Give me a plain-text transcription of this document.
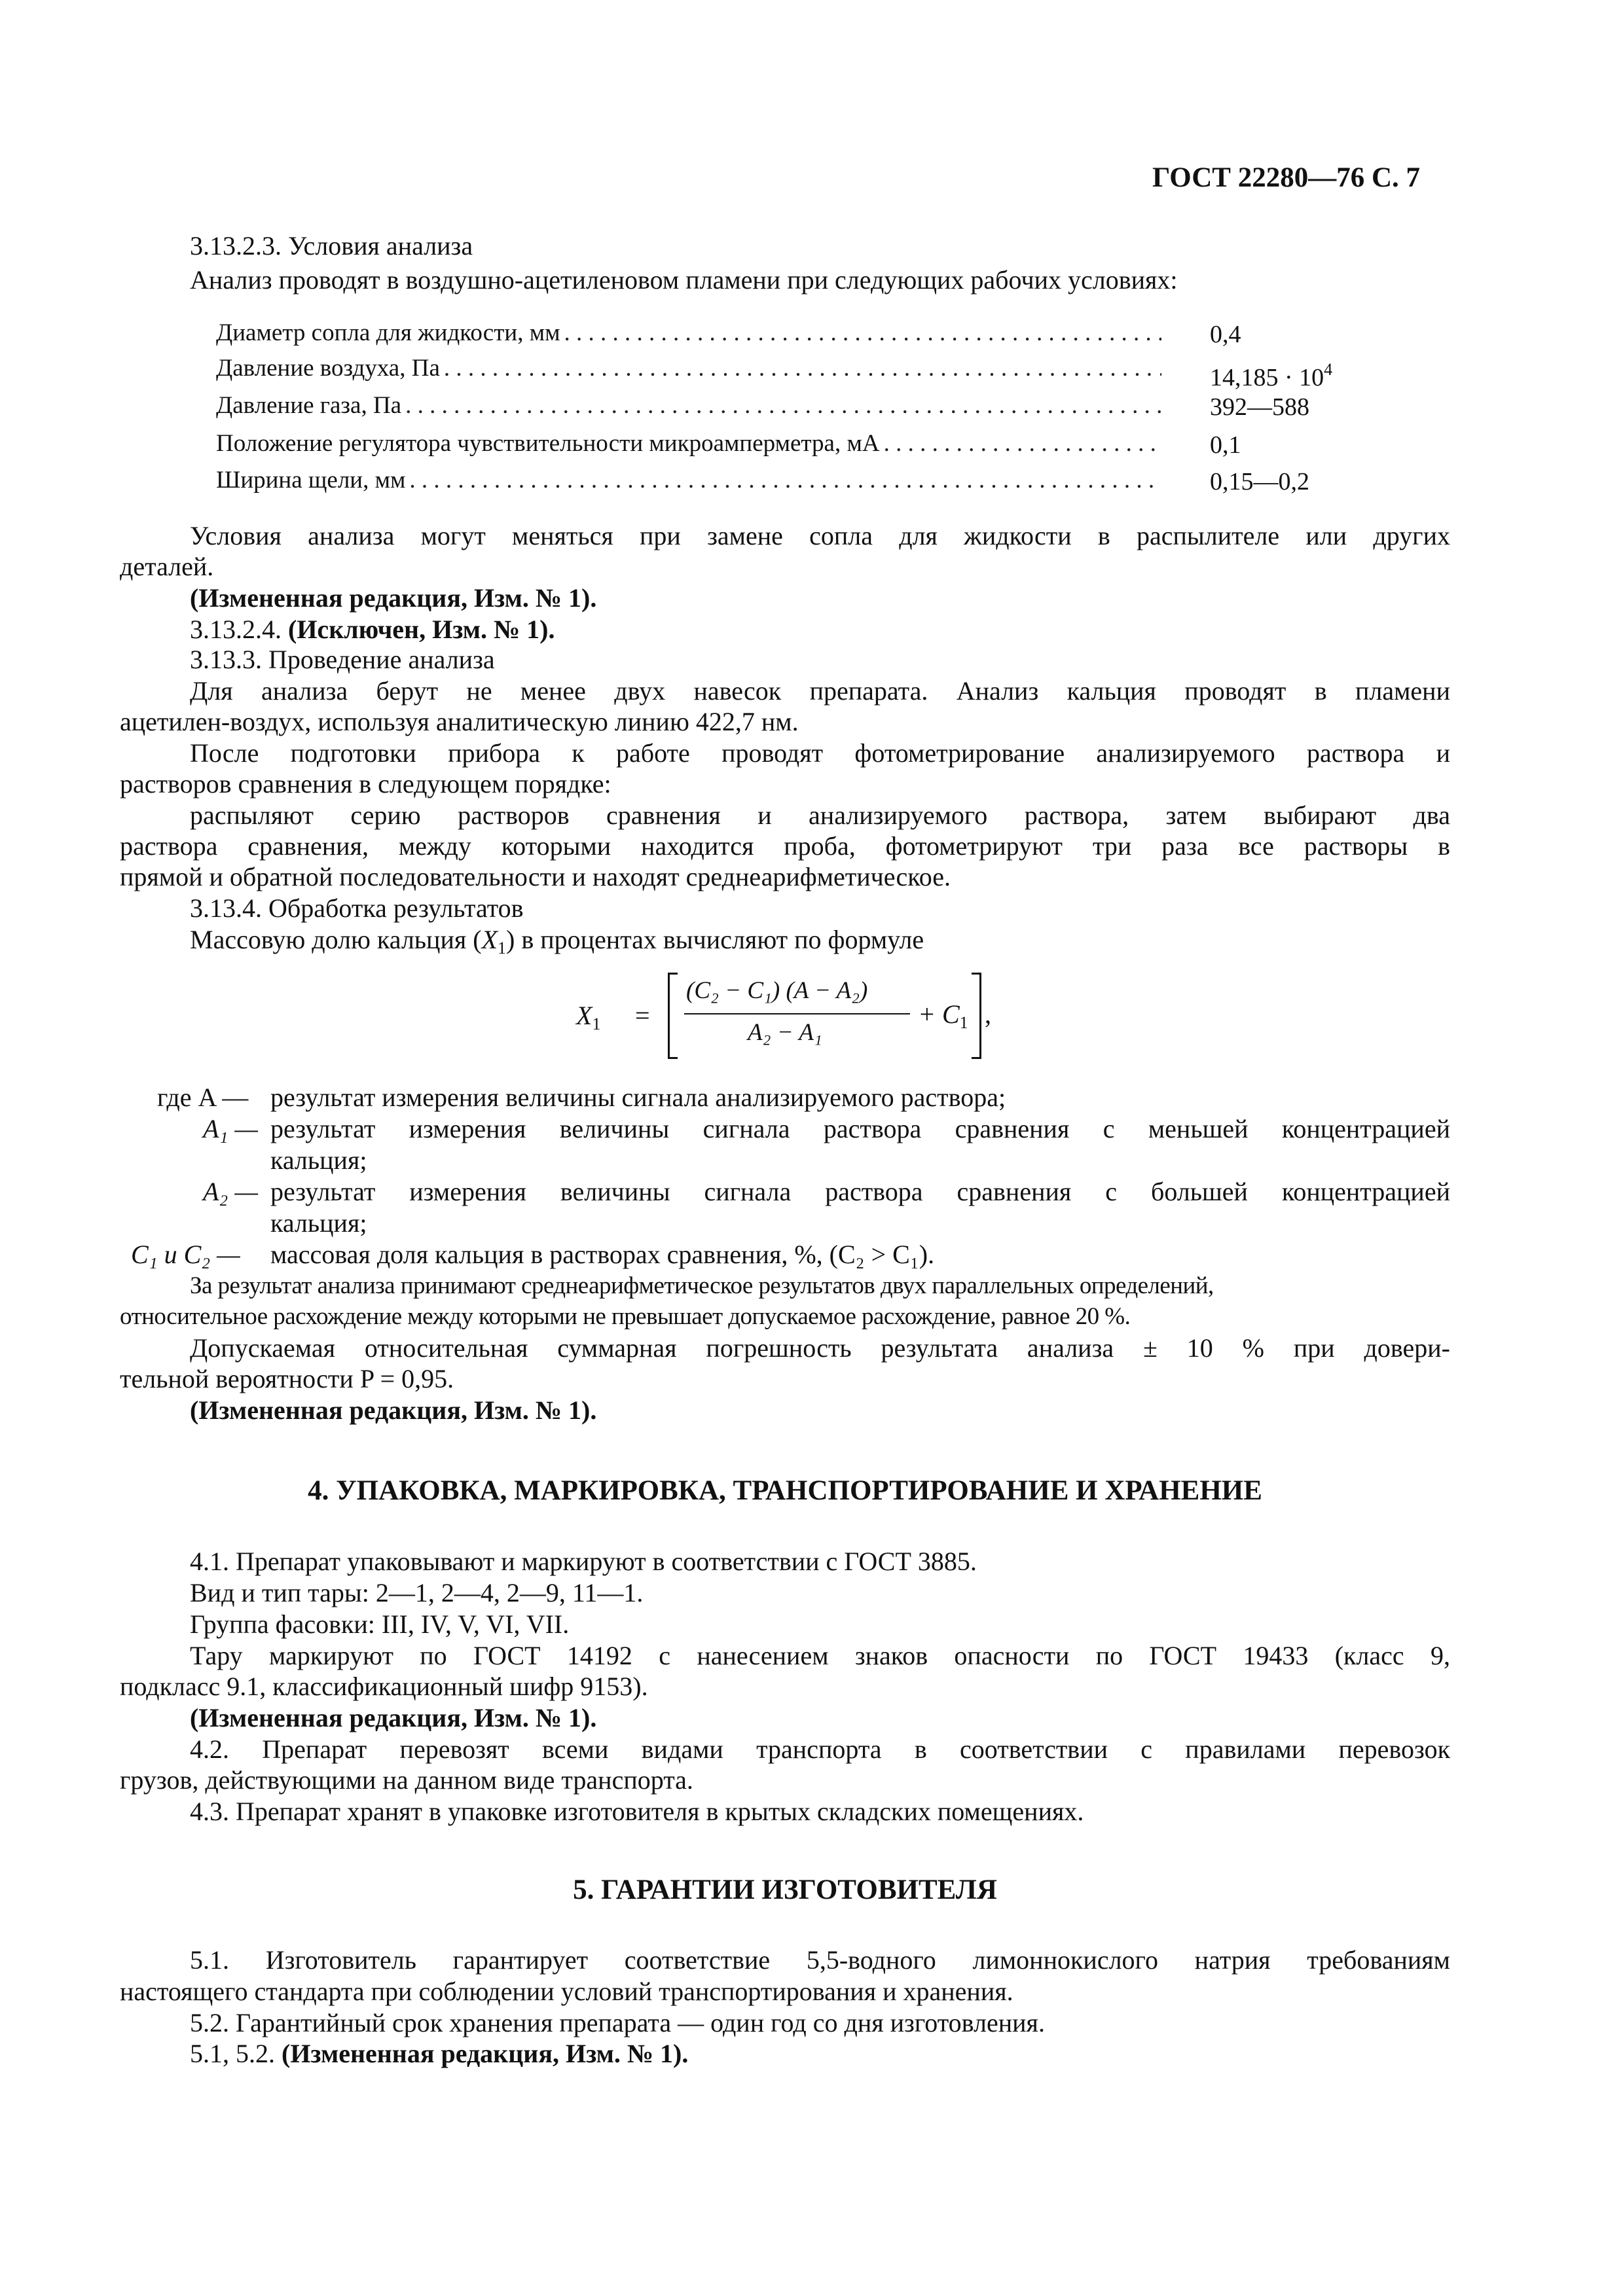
ГОСТ 22280—76 С. 7
3.13.2.3. Условия анализа
Анализ проводят в воздушно-ацетиленовом пламени при следующих рабочих условиях:
Диаметр сопла для жидкости, мм . . .	0,4
Давление воздуха, Па . . .	$14,185 \cdot 10^4$
Давление газа, Па . . .	392—588
Положение регулятора чувствительности микроамперметра, мА . . .	0,1
Ширина щели, мм . . .	0,15—0,2
Условия анализа могут меняться при замене сопла для жидкости в распылителе или других
деталей.
(Измененная редакция, Изм. № 1).
3.13.2.4. (Исключен, Изм. № 1).
3.13.3. Проведение анализа
Для анализа берут не менее двух навесок препарата. Анализ кальция проводят в пламени
ацетилен-воздух, используя аналитическую линию 422,7 нм.
После подготовки прибора к работе проводят фотометрирование анализируемого раствора и
растворов сравнения в следующем порядке:
распыляют серию растворов сравнения и анализируемого раствора, затем выбирают два
раствора сравнения, между которыми находится проба, фотометрируют три раза все растворы в
прямой и обратной последовательности и находят среднеарифметическое.
3.13.4. Обработка результатов
Массовую долю кальция $(X_1)$ в процентах вычисляют по формуле
$X_1$ =
(C₂ − C₁) (A − A₂)
A₂ − A₁
+ $C_1$ ,
где A — результат измерения величины сигнала анализируемого раствора;
A₁ — результат измерения величины сигнала раствора сравнения с меньшей концентрацией
кальция;
A₂ — результат измерения величины сигнала раствора сравнения с большей концентрацией
кальция;
C₁ и C₂ — массовая доля кальция в растворах сравнения, %, (C₂ > C₁).
За результат анализа принимают среднеарифметическое результатов двух параллельных определений,
относительное расхождение между которыми не превышает допускаемое расхождение, равное 20 %.
Допускаемая относительная суммарная погрешность результата анализа ± 10 % при довери-
тельной вероятности P = 0,95.
(Измененная редакция, Изм. № 1).
4. УПАКОВКА, МАРКИРОВКА, ТРАНСПОРТИРОВАНИЕ И ХРАНЕНИЕ
4.1. Препарат упаковывают и маркируют в соответствии с ГОСТ 3885.
Вид и тип тары: 2—1, 2—4, 2—9, 11—1.
Группа фасовки: III, IV, V, VI, VII.
Тару маркируют по ГОСТ 14192 с нанесением знаков опасности по ГОСТ 19433 (класс 9,
подкласс 9.1, классификационный шифр 9153).
(Измененная редакция, Изм. № 1).
4.2. Препарат перевозят всеми видами транспорта в соответствии с правилами перевозок
грузов, действующими на данном виде транспорта.
4.3. Препарат хранят в упаковке изготовителя в крытых складских помещениях.
5. ГАРАНТИИ ИЗГОТОВИТЕЛЯ
5.1. Изготовитель гарантирует соответствие 5,5-водного лимоннокислого натрия требованиям
настоящего стандарта при соблюдении условий транспортирования и хранения.
5.2. Гарантийный срок хранения препарата — один год со дня изготовления.
5.1, 5.2. (Измененная редакция, Изм. № 1).
